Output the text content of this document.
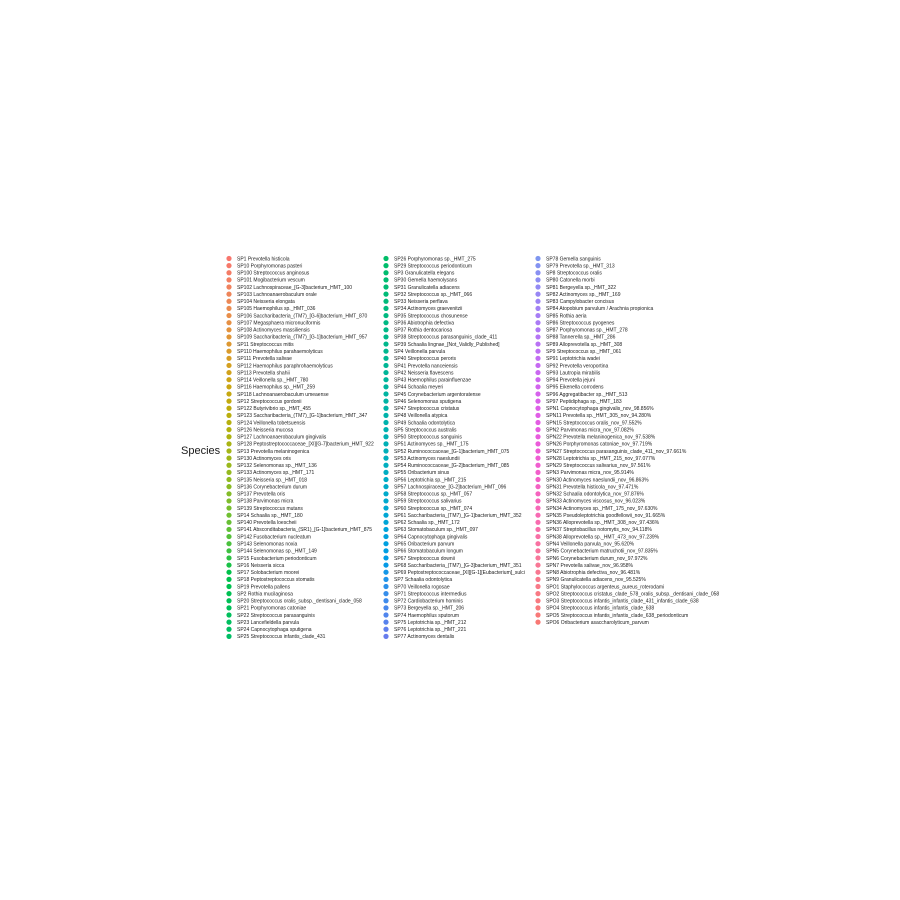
Species
SP1 Prevotella histicola
SP10 Porphyromonas pasteri
SP100 Streptococcus anginosus
SP101 Mogibacterium vescum
SP102 Lachnospiraceae_[G-3]bacterium_HMT_100
SP103 Lachnoanaerobaculum orale
SP104 Neisseria elongata
SP105 Haemophilus sp._HMT_036
SP106 Saccharibacteria_(TM7)_[G-6]bacterium_HMT_870
SP107 Megasphaera micronuciformis
SP108 Actinomyces massiliensis
SP109 Saccharibacteria_(TM7)_[G-1]bacterium_HMT_957
SP11 Streptococcus mitis
SP110 Haemophilus parahaemolyticus
SP111 Prevotella salivae
SP112 Haemophilus paraphrohaemolyticus
SP113 Prevotella shahii
SP114 Veillonella sp._HMT_780
SP116 Haemophilus sp._HMT_259
SP118 Lachnoanaerobaculum umeaense
SP12 Streptococcus gordonii
SP122 Butyrivibrio sp._HMT_455
SP123 Saccharibacteria_(TM7)_[G-1]bacterium_HMT_347
SP124 Veillonella tobetsuensis
SP126 Neisseria mucosa
SP127 Lachnoanaerobaculum gingivalis
SP128 Peptostreptococcaceae_[XI][G-7]bacterium_HMT_922
SP13 Prevotella melaninogenica
SP130 Actinomyces oris
SP132 Selenomonas sp._HMT_136
SP133 Actinomyces sp._HMT_171
SP135 Neisseria sp._HMT_018
SP136 Corynebacterium durum
SP137 Prevotella oris
SP138 Parvimonas micra
SP139 Streptococcus mutans
SP14 Schaalia sp._HMT_180
SP140 Prevotella loescheii
SP141 Absconditabacteria_(SR1)_[G-1]bacterium_HMT_875
SP142 Fusobacterium nucleatum
SP143 Selenomonas noxia
SP144 Selenomonas sp._HMT_149
SP15 Fusobacterium periodonticum
SP16 Neisseria sicca
SP17 Solobacterium moorei
SP18 Peptostreptococcus stomatis
SP19 Prevotella pallens
SP2 Rothia mucilaginosa
SP20 Streptococcus oralis_subsp._dentisani_clade_058
SP21 Porphyromonas catoniae
SP22 Streptococcus parasanguinis
SP23 Lancefieldella parvula
SP24 Capnocytophaga sputigena
SP25 Streptococcus infantis_clade_431
SP26 Porphyromonas sp._HMT_275
SP29 Streptococcus periodonticum
SP3 Granulicatella elegans
SP30 Gemella haemolysans
SP31 Granulicatella adiacens
SP32 Streptococcus sp._HMT_066
SP33 Neisseria perflava
SP34 Actinomyces graevenitzii
SP35 Streptococcus chosunense
SP36 Abiotrophia defectiva
SP37 Rothia dentocariosa
SP38 Streptococcus parasanguinis_clade_411
SP39 Schaalia lingnae_[Not_Validly_Published]
SP4 Veillonella parvula
SP40 Streptococcus peroris
SP41 Prevotella nanceiensis
SP42 Neisseria flavescens
SP43 Haemophilus parainfluenzae
SP44 Schaalia meyeri
SP45 Corynebacterium argentoratense
SP46 Selenomonas sputigena
SP47 Streptococcus cristatus
SP48 Veillonella atypica
SP49 Schaalia odontolytica
SP5 Streptococcus australis
SP50 Streptococcus sanguinis
SP51 Actinomyces sp._HMT_175
SP52 Ruminococcaceae_[G-1]bacterium_HMT_075
SP53 Actinomyces naeslundii
SP54 Ruminococcaceae_[G-2]bacterium_HMT_085
SP55 Oribacterium sinus
SP56 Leptotrichia sp._HMT_215
SP57 Lachnospiraceae_[G-2]bacterium_HMT_096
SP58 Streptococcus sp._HMT_057
SP59 Streptococcus salivarius
SP60 Streptococcus sp._HMT_074
SP61 Saccharibacteria_(TM7)_[G-1]bacterium_HMT_352
SP62 Schaalia sp._HMT_172
SP63 Stomatobaculum sp._HMT_097
SP64 Capnocytophaga gingivalis
SP65 Oribacterium parvum
SP66 Stomatobaculum longum
SP67 Streptococcus downii
SP68 Saccharibacteria_(TM7)_[G-3]bacterium_HMT_351
SP69 Peptostreptococcaceae_[XI][G-1][Eubacterium]_sulci
SP7 Schaalia odontolytica
SP70 Veillonella rogosae
SP71 Streptococcus intermedius
SP72 Cardiobacterium hominis
SP73 Bergeyella sp._HMT_206
SP74 Haemophilus sputorum
SP75 Leptotrichia sp._HMT_212
SP76 Leptotrichia sp._HMT_221
SP77 Actinomyces dentalis
SP78 Gemella sanguinis
SP79 Prevotella sp._HMT_313
SP8 Streptococcus oralis
SP80 Catonella morbi
SP81 Bergeyella sp._HMT_322
SP82 Actinomyces sp._HMT_169
SP83 Campylobacter concisus
SP84 Atopobium parvulum / Arachnia propionica
SP85 Rothia aeria
SP86 Streptococcus pyogenes
SP87 Porphyromonas sp._HMT_278
SP88 Tannerella sp._HMT_286
SP89 Alloprevotella sp._HMT_308
SP9 Streptococcus sp._HMT_061
SP91 Leptotrichia wadei
SP92 Prevotella veroportina
SP93 Lautropia mirabilis
SP94 Prevotella jejuni
SP95 Eikenella corrodens
SP96 Aggregatibacter sp._HMT_513
SP97 Peptidiphaga sp._HMT_183
SPN1 Capnocytophaga gingivalis_nov_98.856%
SPN11 Prevotella sp._HMT_305_nov_94.280%
SPN15 Streptococcus oralis_nov_97.552%
SPN2 Parvimonas micra_nov_97.082%
SPN22 Prevotella melaninogenica_nov_97.538%
SPN26 Porphyromonas catoniae_nov_97.719%
SPN27 Streptococcus parasanguinis_clade_411_nov_97.661%
SPN28 Leptotrichia sp._HMT_215_nov_97.077%
SPN29 Streptococcus salivarius_nov_97.561%
SPN3 Parvimonas micra_nov_95.914%
SPN30 Actinomyces naeslundii_nov_96.863%
SPN31 Prevotella histicola_nov_97.471%
SPN32 Schaalia odontolytica_nov_97.876%
SPN33 Actinomyces viscosus_nov_96.023%
SPN34 Actinomyces sp._HMT_175_nov_97.630%
SPN35 Pseudoleptotrichia goodfellowii_nov_91.665%
SPN36 Alloprevotella sp._HMT_308_nov_97.436%
SPN37 Streptobacillus notomytis_nov_94.118%
SPN38 Alloprevotella sp._HMT_473_nov_97.239%
SPN4 Veillonella parvula_nov_95.620%
SPN5 Corynebacterium matruchotii_nov_97.835%
SPN6 Corynebacterium durum_nov_97.972%
SPN7 Prevotella salivae_nov_96.958%
SPN8 Abiotrophia defectiva_nov_96.481%
SPN9 Granulicatella adiacens_nov_95.525%
SPO1 Staphylococcus argenteus_aureus_roterodami
SPO2 Streptococcus cristatus_clade_578_oralis_subsp._dentisani_clade_058
SPO3 Streptococcus infantis_infantis_clade_431_infantis_clade_638
SPO4 Streptococcus infantis_infantis_clade_638
SPO5 Streptococcus infantis_infantis_clade_638_periodonticum
SPO6 Oribacterium asaccharolyticum_parvum
